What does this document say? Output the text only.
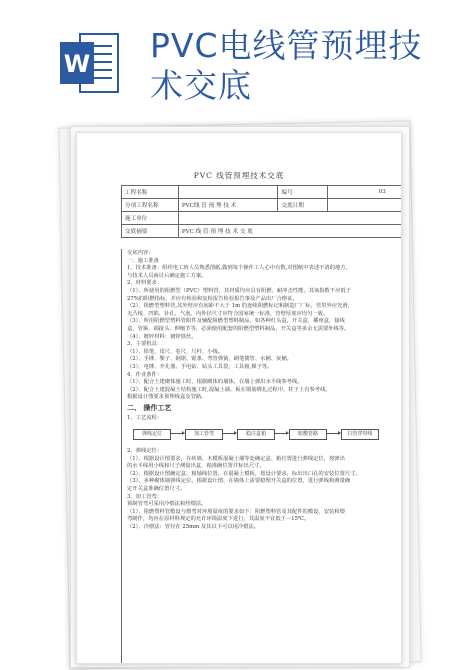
W PVC电线管预埋技术交底
PVC 线管预埋技术交底
工程名称		编号	03
分项工程名称	PVC线 管 预 埋 技 术	交底日期	
施工单位			
交底摘要	PVC 线 管 预 埋 技 术 交 底		

交底内容：

一、施工准备

1、技术准备：组织电工班人员熟悉图纸,做到每个操作工人心中有数,对图纸中表述不清的地方,

与技术人员商讨后确定施工方案。

2、材料要求：

（1）、所使用的阻燃型（PVC）塑料管，其材质均应具有阻燃、耐冲击性能，其氧指数不应低于

27%的阻燃指标，并应有检验和复检报告检验报告事及产品出厂合格证。

（2）、阻燃型塑料管,其外壁应有间距不大于 1m 的连续阻燃标记和制造厂厂标，管里外应光滑,

无凸棱、凹陷、针孔、气泡，内外径尺寸应符合国家统一标准，管壁厚度应均匀一致。

（3）、所用阻燃型塑料管附件及辅配阻燃型塑料制品，如各种灯头盒，开关盒，插座盒，接线

盒，管箍、端接头、伸缩节等，必须使用配套的阻燃型塑料制品，开关盒等多余无需要外线等。

（4）、镀锌材料：镀锌铁丝。

3、主要机具：

（1）、铅笔、皮尺、卷尺、尺杆、小线。

（2）、手锤、錾子、钢锯、锯条、弯管弹簧、刷笔搂管、水桶、灰桶。

（3）、电锤、开孔器、手电钻、钻头工具袋，工具箱,梯子等。

4、作业条件：

（1）、配合土建砌体施工时，根据砌体的墙体，在墙上弹出水平线参考线。

（2）、配合土建混凝土结构施工时,混凝土墙、板在钢筋绑扎过程中，柱子上有参考线，

根据设计图要求预埋线盒及管路。

二、 操作工艺

1、工艺流程：

弹线定位	加工管弯	稳注盒箱	暗敷管路	扫管穿带线

2、弹线定位：

（1）、根据设计图要求，在砖墙、木模板混凝土墙等处确定盒、箱位置进行弹线定位，按弹出

的水平线用小线和尺子测量出盒、箱准确位置并标出尺寸。

（2）、根据设计图确定盒、箱轴线位置，在混凝土模板，按设计要求，标出出口孔的安装位置尺寸。

（3）、多种砌体墙弹线定位，根据设计图，在墙体上需要稳埋开关盒的位置，进行弹线和测量确

定开关盒准确位置尺寸。

3、加工管弯：

预制管弯可采用冷煨法和热煨法。

（1）、阻燃塑料管敷设与煨弯对环境温度的要求如下：阻燃塑料管及其配件的敷设，安装和煨

弯制作，均应在原材料规定的允许环境温度下进行，其温度不宜低于－15℃。

（2）、冷煨法：管径在 25mm 及其以下可以用冷煨法。
